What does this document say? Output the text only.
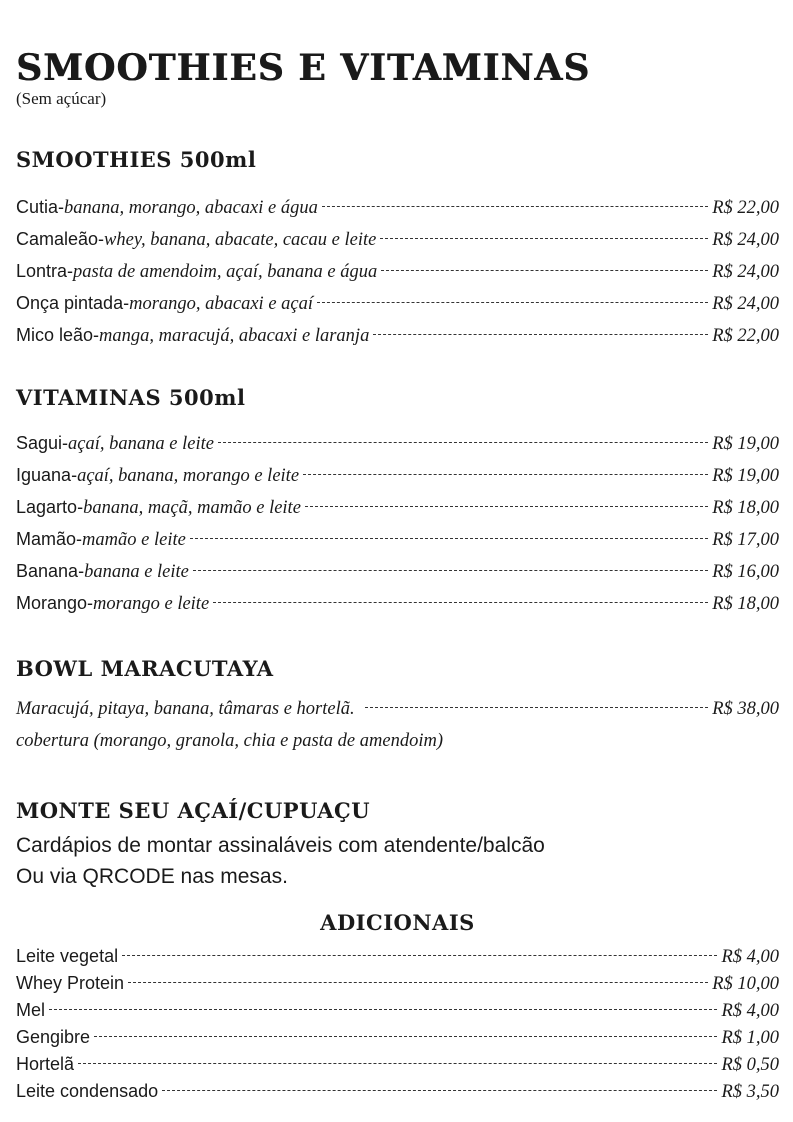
SMOOTHIES E VITAMINAS
(Sem açúcar)
SMOOTHIES 500ml
Cutia - banana, morango, abacaxi e água	R$ 22,00
Camaleão - whey, banana, abacate, cacau e leite	R$ 24,00
Lontra - pasta de amendoim, açaí, banana e água	R$ 24,00
Onça pintada - morango, abacaxi e açaí	R$ 24,00
Mico leão - manga, maracujá, abacaxi e laranja	R$ 22,00
VITAMINAS 500ml
Sagui - açaí, banana e leite	R$ 19,00
Iguana - açaí, banana, morango e leite	R$ 19,00
Lagarto - banana, maçã, mamão e leite	R$ 18,00
Mamão - mamão e leite	R$ 17,00
Banana - banana e leite	R$ 16,00
Morango - morango e leite	R$ 18,00
BOWL MARACUTAYA
Maracujá, pitaya, banana, tâmaras e hortelã.	R$ 38,00
cobertura (morango, granola, chia e pasta de amendoim)
MONTE SEU AÇAÍ/CUPUAÇU
Cardápios de montar assinaláveis com atendente/balcão
Ou via QRCODE nas mesas.
ADICIONAIS
Leite vegetal	R$ 4,00
Whey Protein	R$ 10,00
Mel	R$ 4,00
Gengibre	R$ 1,00
Hortelã	R$ 0,50
Leite condensado	R$ 3,50
